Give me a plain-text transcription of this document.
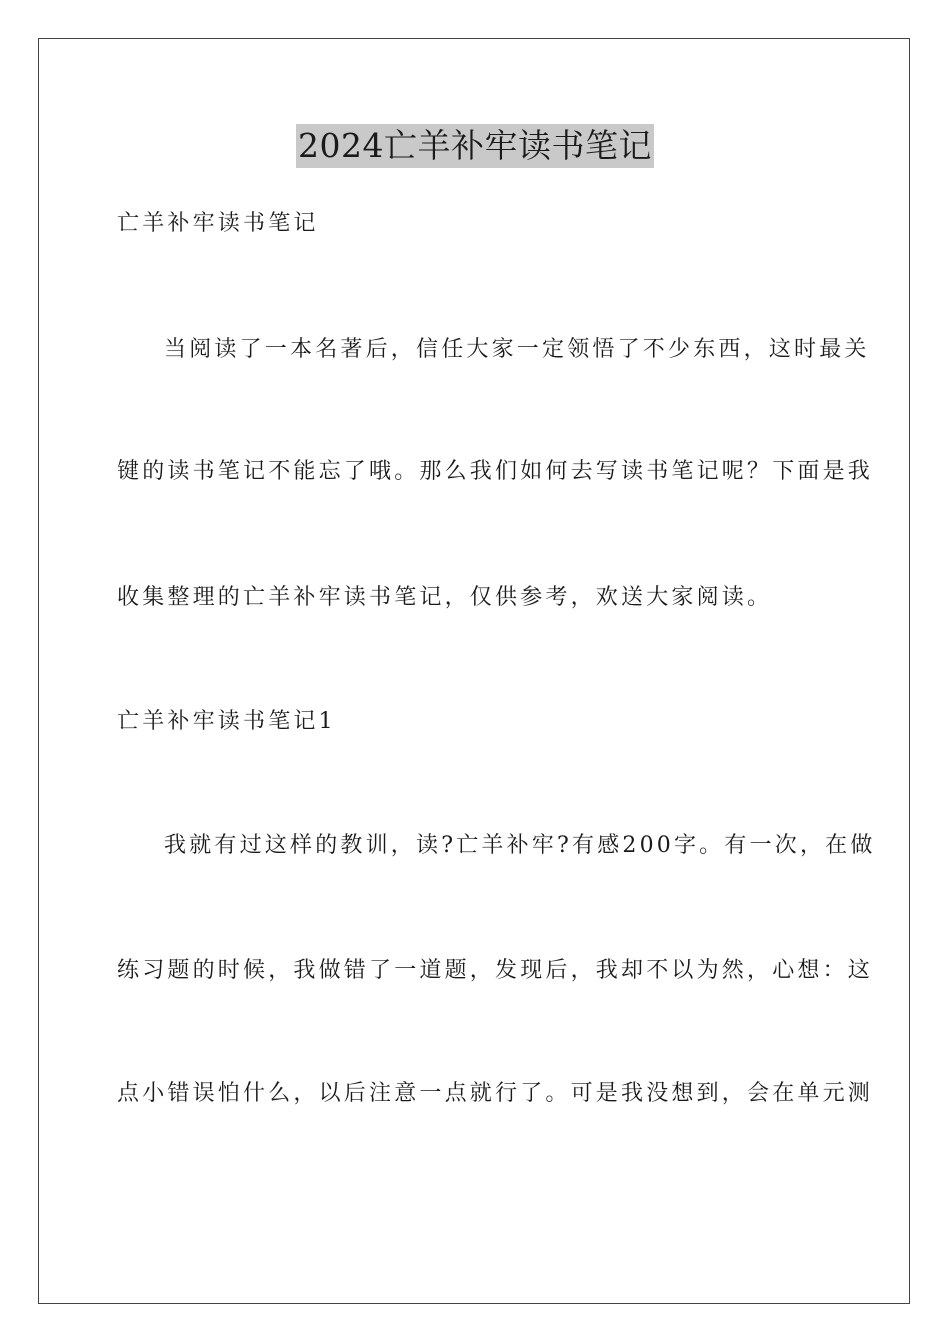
2024亡羊补牢读书笔记
亡羊补牢读书笔记
当阅读了一本名著后，信任大家一定领悟了不少东西，这时最关
键的读书笔记不能忘了哦。那么我们如何去写读书笔记呢？下面是我
收集整理的亡羊补牢读书笔记，仅供参考，欢送大家阅读。
亡羊补牢读书笔记1
我就有过这样的教训，读?亡羊补牢?有感200字。有一次，在做
练习题的时候，我做错了一道题，发现后，我却不以为然，心想：这
点小错误怕什么，以后注意一点就行了。可是我没想到，会在单元测
